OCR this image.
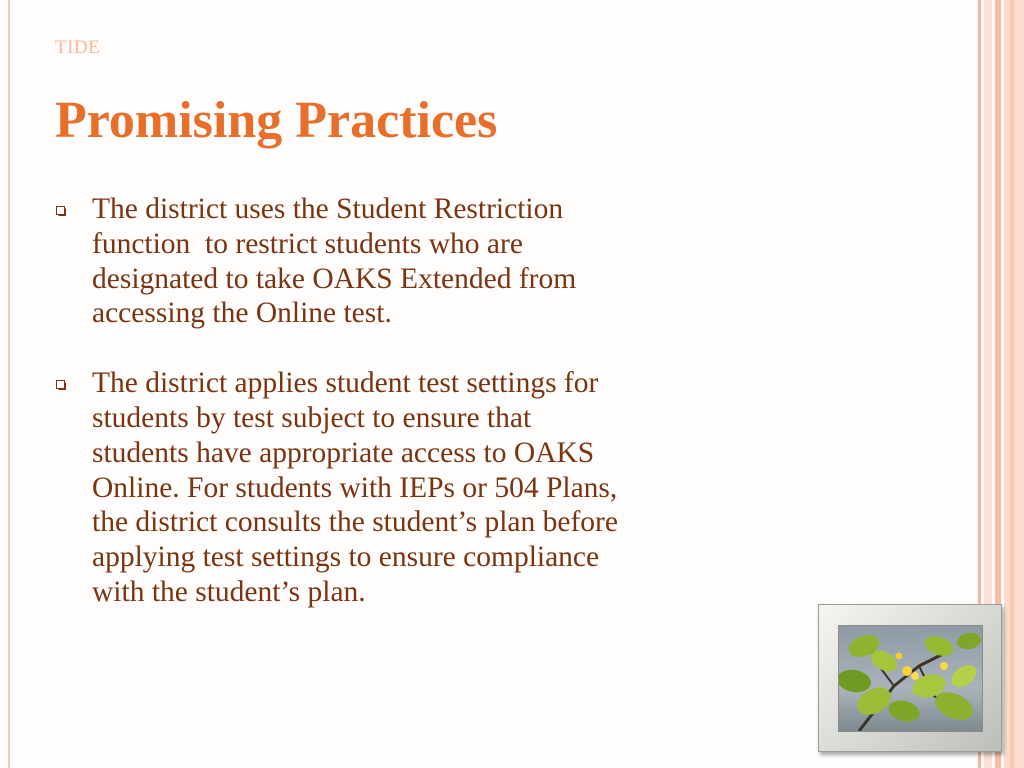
TIDE
Promising Practices
The district uses the Student Restriction
function  to restrict students who are
designated to take OAKS Extended from
accessing the Online test.
The district applies student test settings for
students by test subject to ensure that
students have appropriate access to OAKS
Online. For students with IEPs or 504 Plans,
the district consults the student’s plan before
applying test settings to ensure compliance
with the student’s plan.
